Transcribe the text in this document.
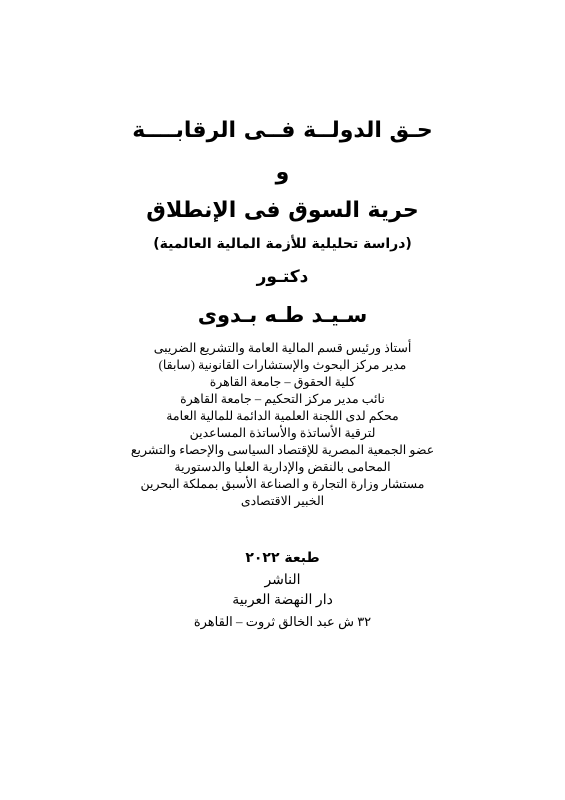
حـق الدولــة فــى الرقابــــة
و
حرية السوق فى الإنطلاق
(دراسة تحليلية للأزمة المالية العالمية)
دكتـور
سـيـد طـه بـدوى
أستاذ ورئيس قسم المالية العامة والتشريع الضريبى
مدير مركز البحوث والإستشارات القانونية (سابقا)
كلية الحقوق – جامعة القاهرة
نائب مدير مركز التحكيم – جامعة القاهرة
محكم لدى اللجنة العلمية الدائمة للمالية العامة
لترقية الأساتذة والأساتذة المساعدين
عضو الجمعية المصرية للإقتصاد السياسى والإحصاء والتشريع
المحامى بالنقض والإدارية العليا والدستورية
مستشار وزارة التجارة و الصناعة الأسبق بمملكة البحرين
الخبير الاقتصادى
طبعة ٢٠٢٢
الناشر
دار النهضة العربية
٣٢ ش عبد الخالق ثروت – القاهرة
